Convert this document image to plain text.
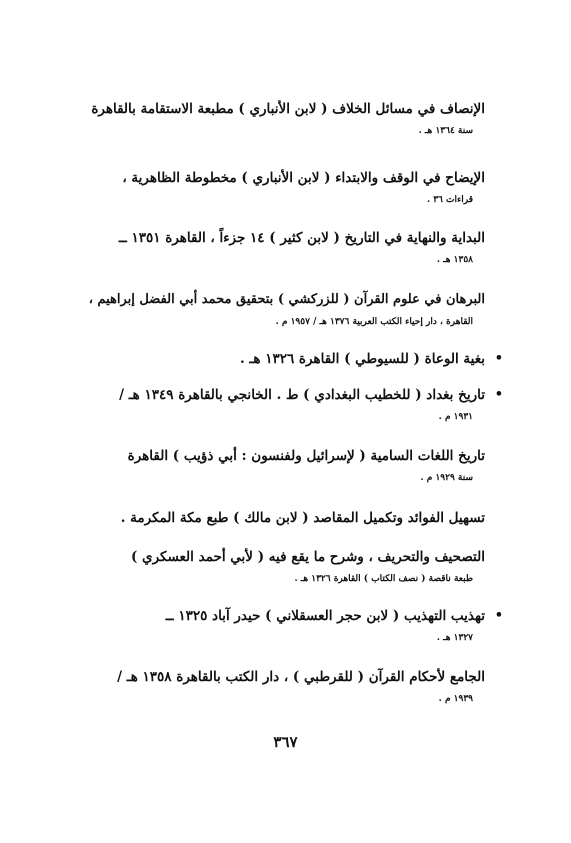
الإنصاف في مسائل الخلاف ( لابن الأنباري ) مطبعة الاستقامة بالقاهرة
سنة ١٣٦٤ هـ .
الإيضاح في الوقف والابتداء ( لابن الأنباري ) مخطوطة الظاهرية ،
قراءات ٣٦ .
البداية والنهاية في التاريخ ( لابن كثير ) ١٤ جزءاً ، القاهرة ١٣٥١ ــ
١٣٥٨ هـ .
البرهان في علوم القرآن ( للزركشي ) بتحقيق محمد أبي الفضل إبراهيم ،
القاهرة ، دار إحياء الكتب العربية ١٣٧٦ هـ / ١٩٥٧ م .
•
بغية الوعاة ( للسيوطي ) القاهرة ١٣٢٦ هـ .
•
تاريخ بغداد ( للخطيب البغدادي ) ط . الخانجي بالقاهرة ١٣٤٩ هـ /
١٩٣١ م .
تاريخ اللغات السامية ( لإسرائيل ولفنسون : أبي ذؤيب ) القاهرة
سنة ١٩٢٩ م .
تسهيل الفوائد وتكميل المقاصد ( لابن مالك ) طبع مكة المكرمة .
التصحيف والتحريف ، وشرح ما يقع فيه ( لأبي أحمد العسكري )
طبعة ناقصة ( نصف الكتاب ) القاهرة ١٣٢٦ هـ .
•
تهذيب التهذيب ( لابن حجر العسقلاني ) حيدر آباد ١٣٢٥ ــ
١٣٢٧ هـ .
الجامع لأحكام القرآن ( للقرطبي ) ، دار الكتب بالقاهرة ١٣٥٨ هـ /
١٩٣٩ م .
٣٦٧
